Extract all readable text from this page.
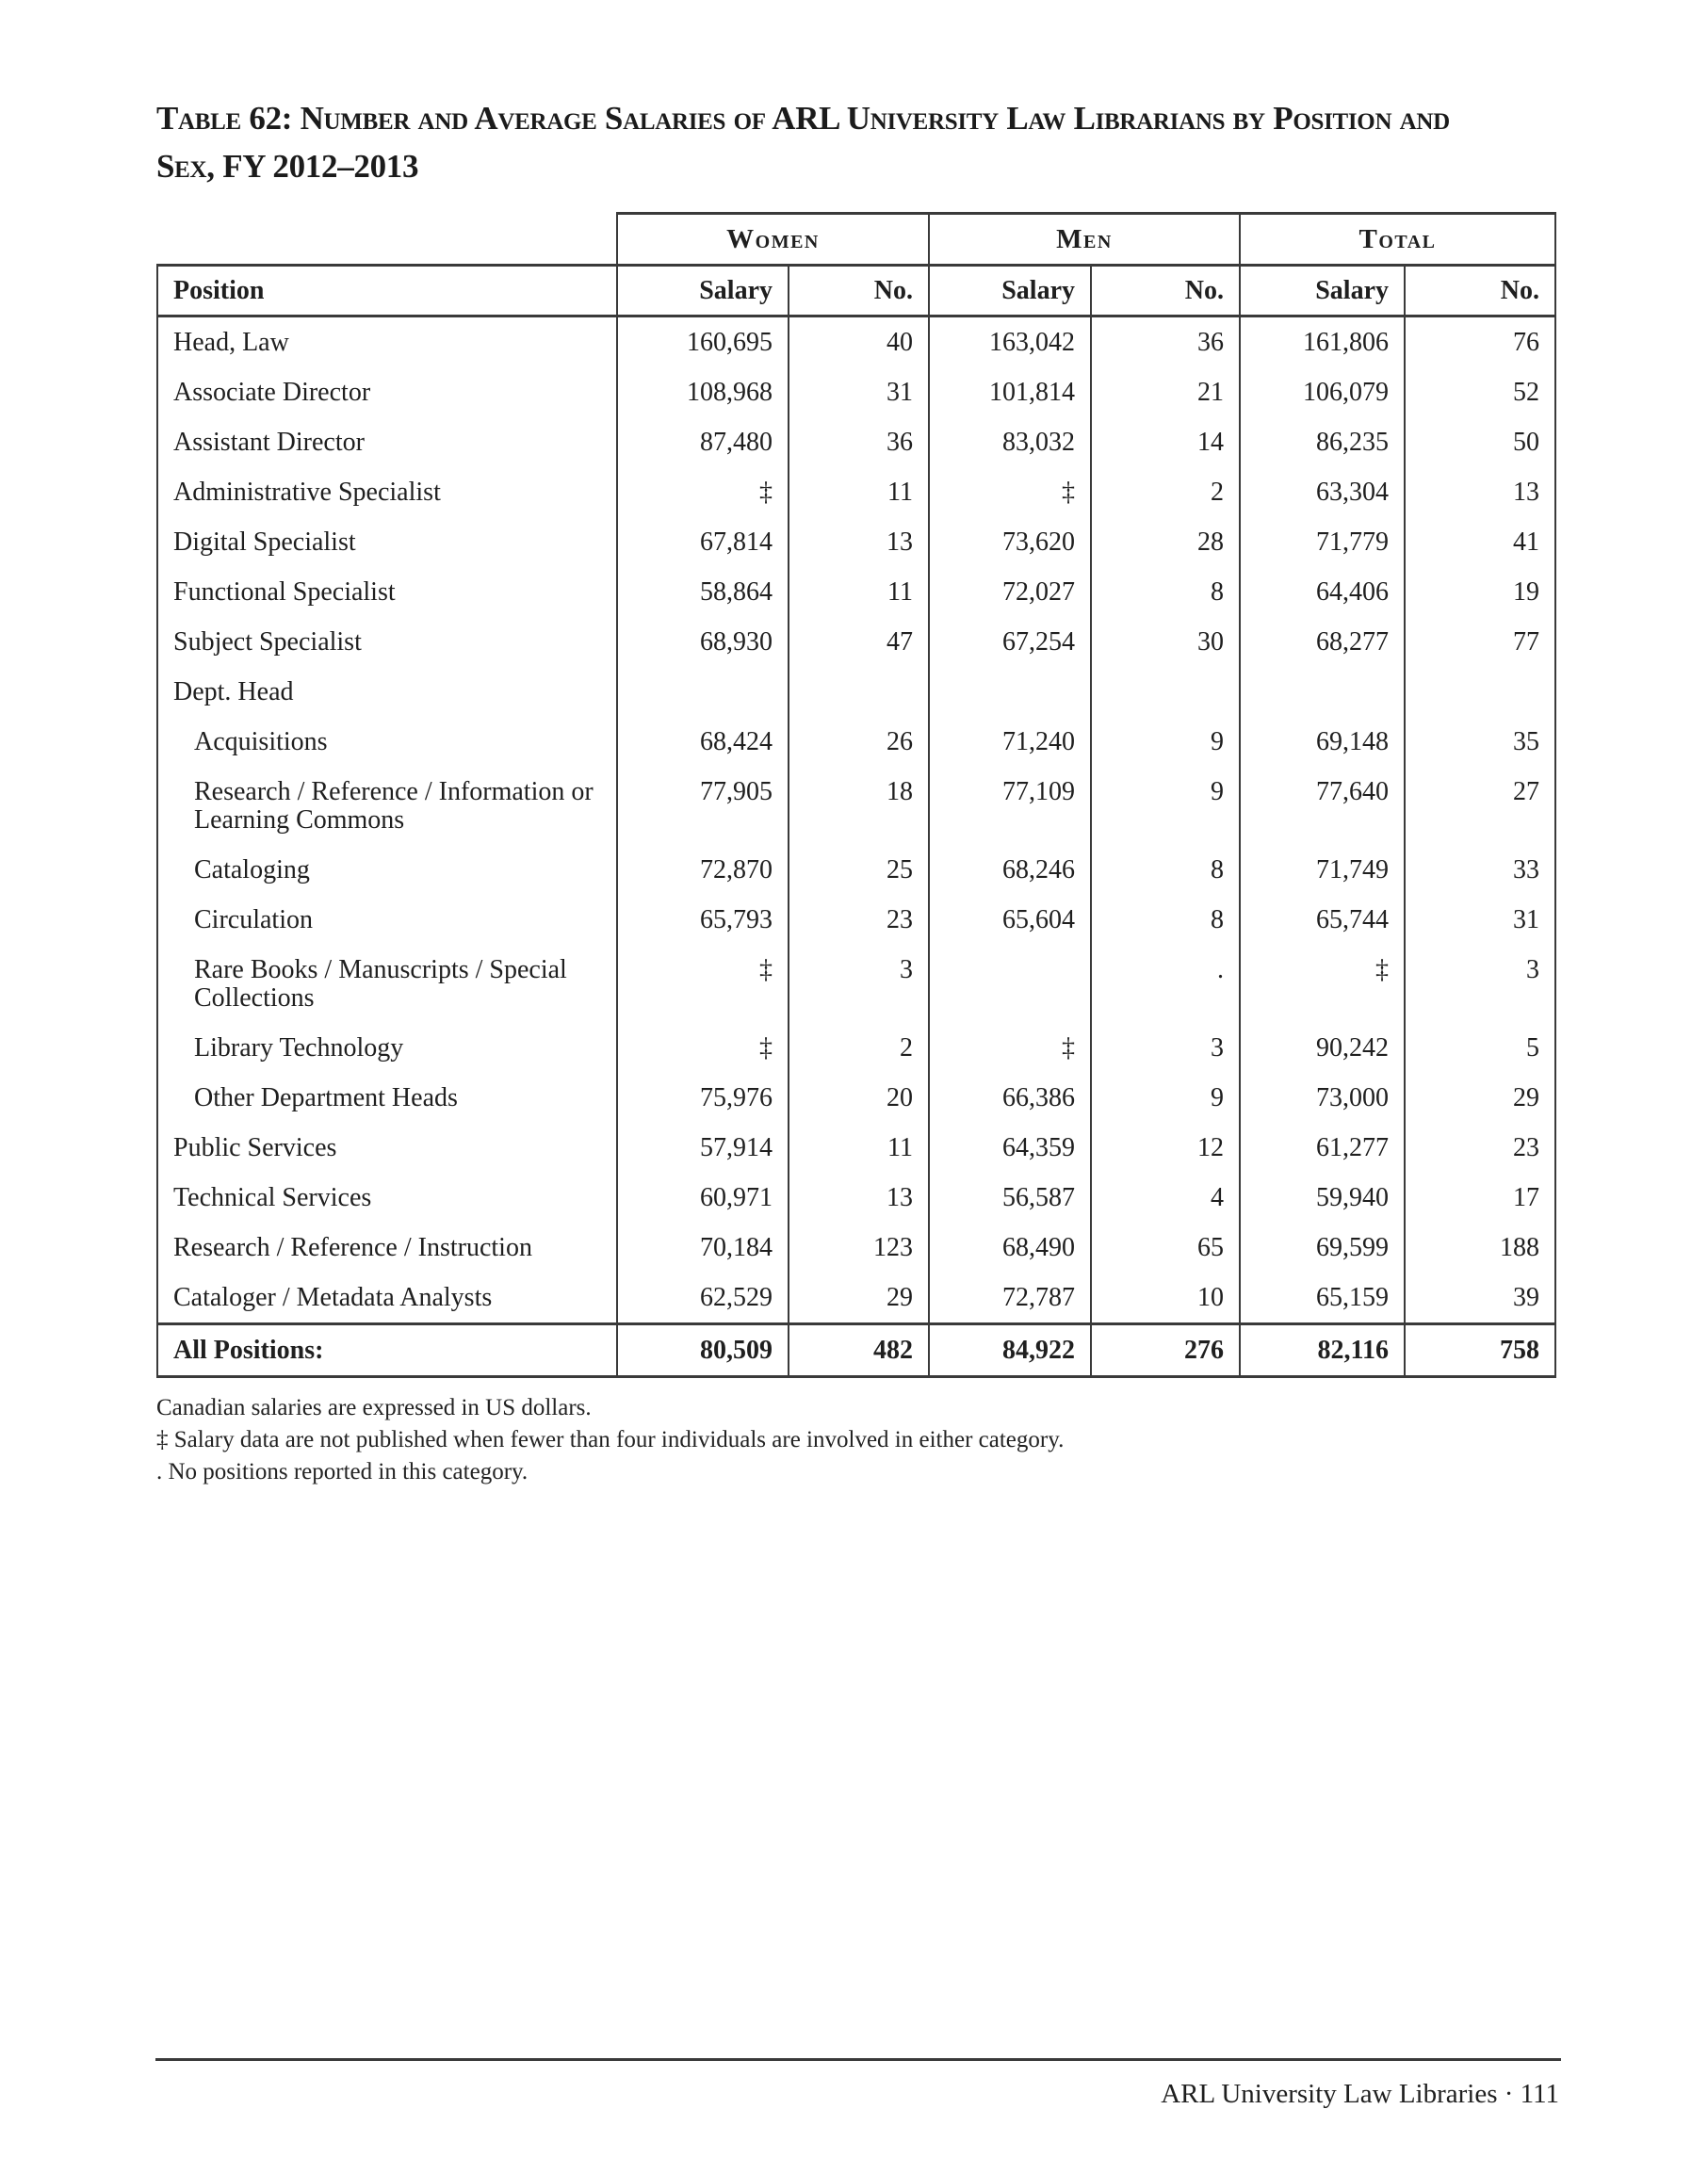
Table 62: Number and Average Salaries of ARL University Law Librarians by Position and
Sex, FY 2012–2013
	Women		Men		Total	
Position	Salary	No.	Salary	No.	Salary	No.
Head, Law	160,695	40	163,042	36	161,806	76
Associate Director	108,968	31	101,814	21	106,079	52
Assistant Director	87,480	36	83,032	14	86,235	50
Administrative Specialist	‡	11	‡	2	63,304	13
Digital Specialist	67,814	13	73,620	28	71,779	41
Functional Specialist	58,864	11	72,027	8	64,406	19
Subject Specialist	68,930	47	67,254	30	68,277	77
Dept. Head						
Acquisitions	68,424	26	71,240	9	69,148	35
Research / Reference / Information or Learning Commons	77,905	18	77,109	9	77,640	27
Cataloging	72,870	25	68,246	8	71,749	33
Circulation	65,793	23	65,604	8	65,744	31
Rare Books / Manuscripts / Special Collections	‡	3		.	‡	3
Library Technology	‡	2	‡	3	90,242	5
Other Department Heads	75,976	20	66,386	9	73,000	29
Public Services	57,914	11	64,359	12	61,277	23
Technical Services	60,971	13	56,587	4	59,940	17
Research / Reference / Instruction	70,184	123	68,490	65	69,599	188
Cataloger / Metadata Analysts	62,529	29	72,787	10	65,159	39
All Positions:	80,509	482	84,922	276	82,116	758
Canadian salaries are expressed in US dollars.
‡ Salary data are not published when fewer than four individuals are involved in either category.
. No positions reported in this category.
ARL University Law Libraries · 111
